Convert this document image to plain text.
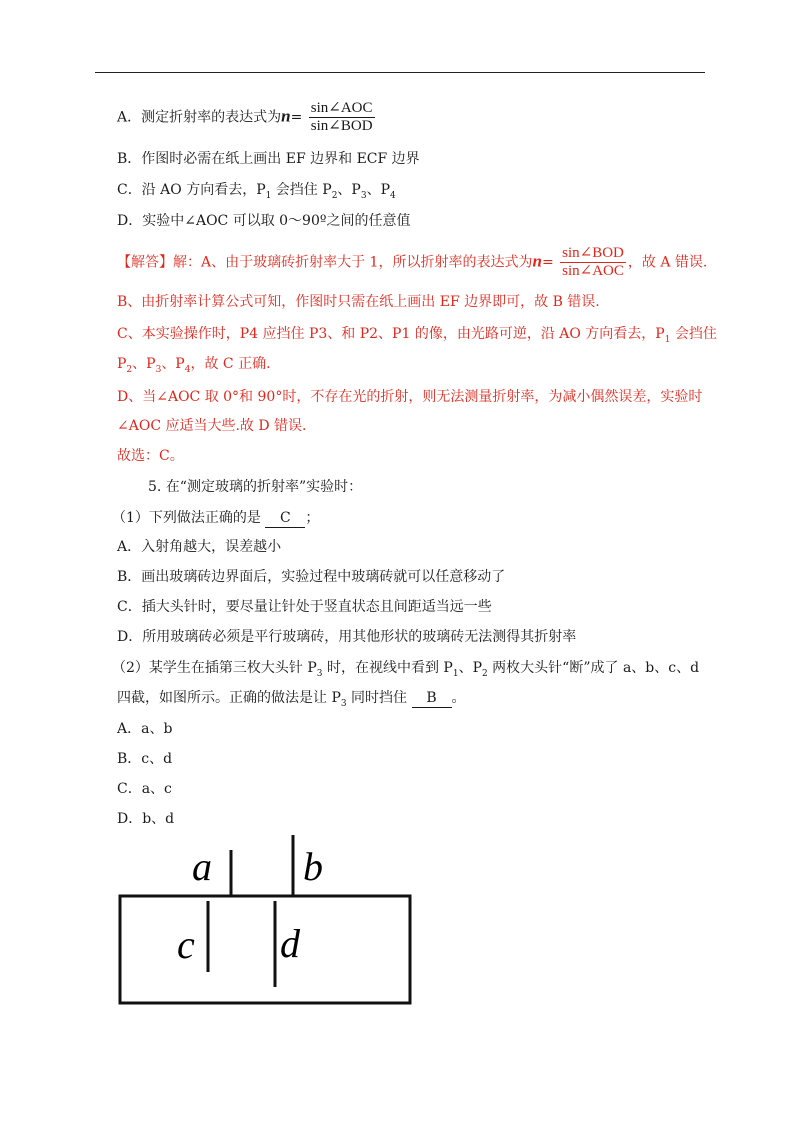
A．测定折射率的表达式为$n= \frac{\text{sin∠AOC}}{\text{sin∠BOD}}$
B．作图时必需在纸上画出 EF 边界和 ECF 边界
C．沿 AO 方向看去，$P_1$ 会挡住 $P_2$、$P_3$、$P_4$
D．实验中∠AOC 可以取 0～90º之间的任意值
【解答】解：A、由于玻璃砖折射率大于 1，所以折射率的表达式为$n= \frac{\text{sin∠BOD}}{\text{sin∠AOC}}$ ，故 A 错误.
B、由折射率计算公式可知，作图时只需在纸上画出 EF 边界即可，故 B 错误.
C、本实验操作时，P4 应挡住 P3、和 P2、P1 的像，由光路可逆，沿 AO 方向看去，$P_1$ 会挡住
$P_2$、$P_3$、$P_4$，故 C 正确.
D、当∠AOC 取 0°和 90°时，不存在光的折射，则无法测量折射率，为减小偶然误差，实验时
∠AOC 应适当大些.故 D 错误.
故选：C。
5. 在“测定玻璃的折射率”实验时：
（1）下列做法正确的是 C ；
A．入射角越大，误差越小
B．画出玻璃砖边界面后，实验过程中玻璃砖就可以任意移动了
C．插大头针时，要尽量让针处于竖直状态且间距适当远一些
D．所用玻璃砖必须是平行玻璃砖，用其他形状的玻璃砖无法测得其折射率
（2）某学生在插第三枚大头针 $P_3$ 时，在视线中看到 $P_1$、$P_2$ 两枚大头针“断”成了 a、b、c、d
四截，如图所示。正确的做法是让 $P_3$ 同时挡住 B 。
A．a、b
B．c、d
C．a、c
D．b、d
a b
c d
